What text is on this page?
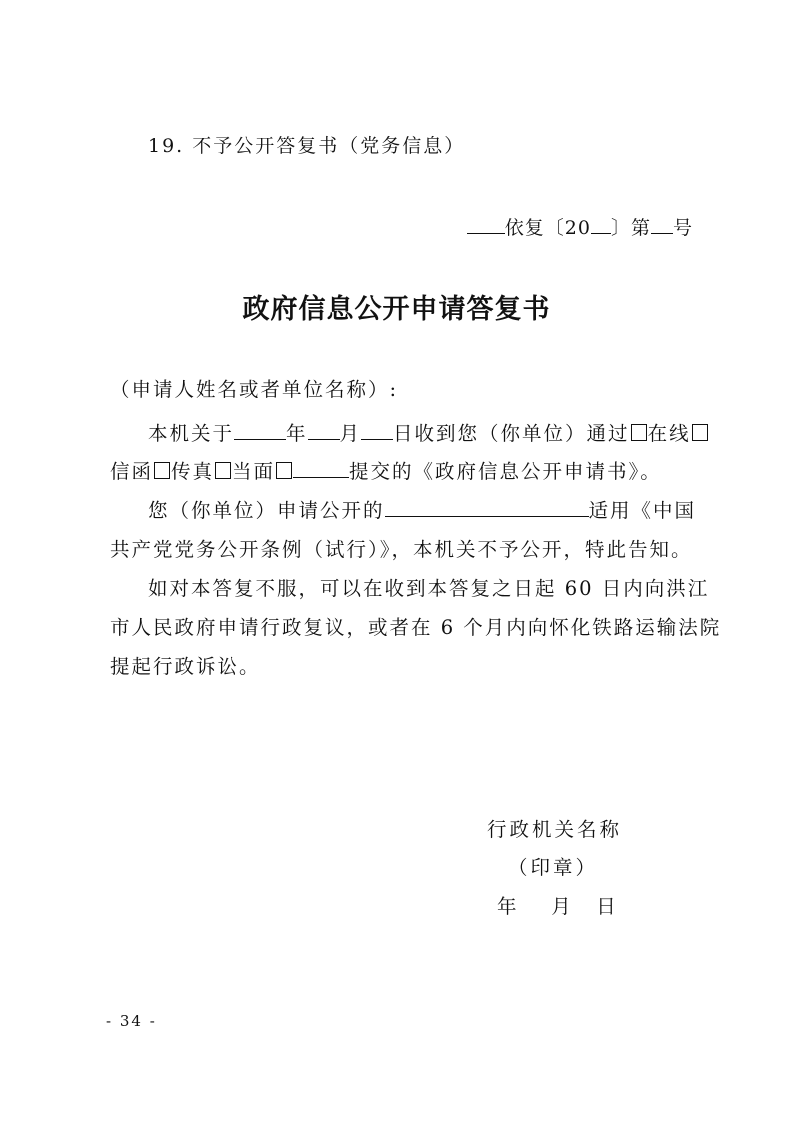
19. 不予公开答复书（党务信息）
依复〔20 〕第 号
政府信息公开申请答复书
（申请人姓名或者单位名称）:
本机关于	年 月 日收到您（你单位）通过 在线
信函 传真 当面	提交的《政府信息公开申请书》。
您（你单位）申请公开的	适用《中国
共产党党务公开条例（试行）》，本机关不予公开，特此告知。
如对本答复不服，可以在收到本答复之日起 60 日内向洪江
市人民政府申请行政复议，或者在 6 个月内向怀化铁路运输法院
提起行政诉讼。
行政机关名称
（印章）
年　 月　日
- 34 -
